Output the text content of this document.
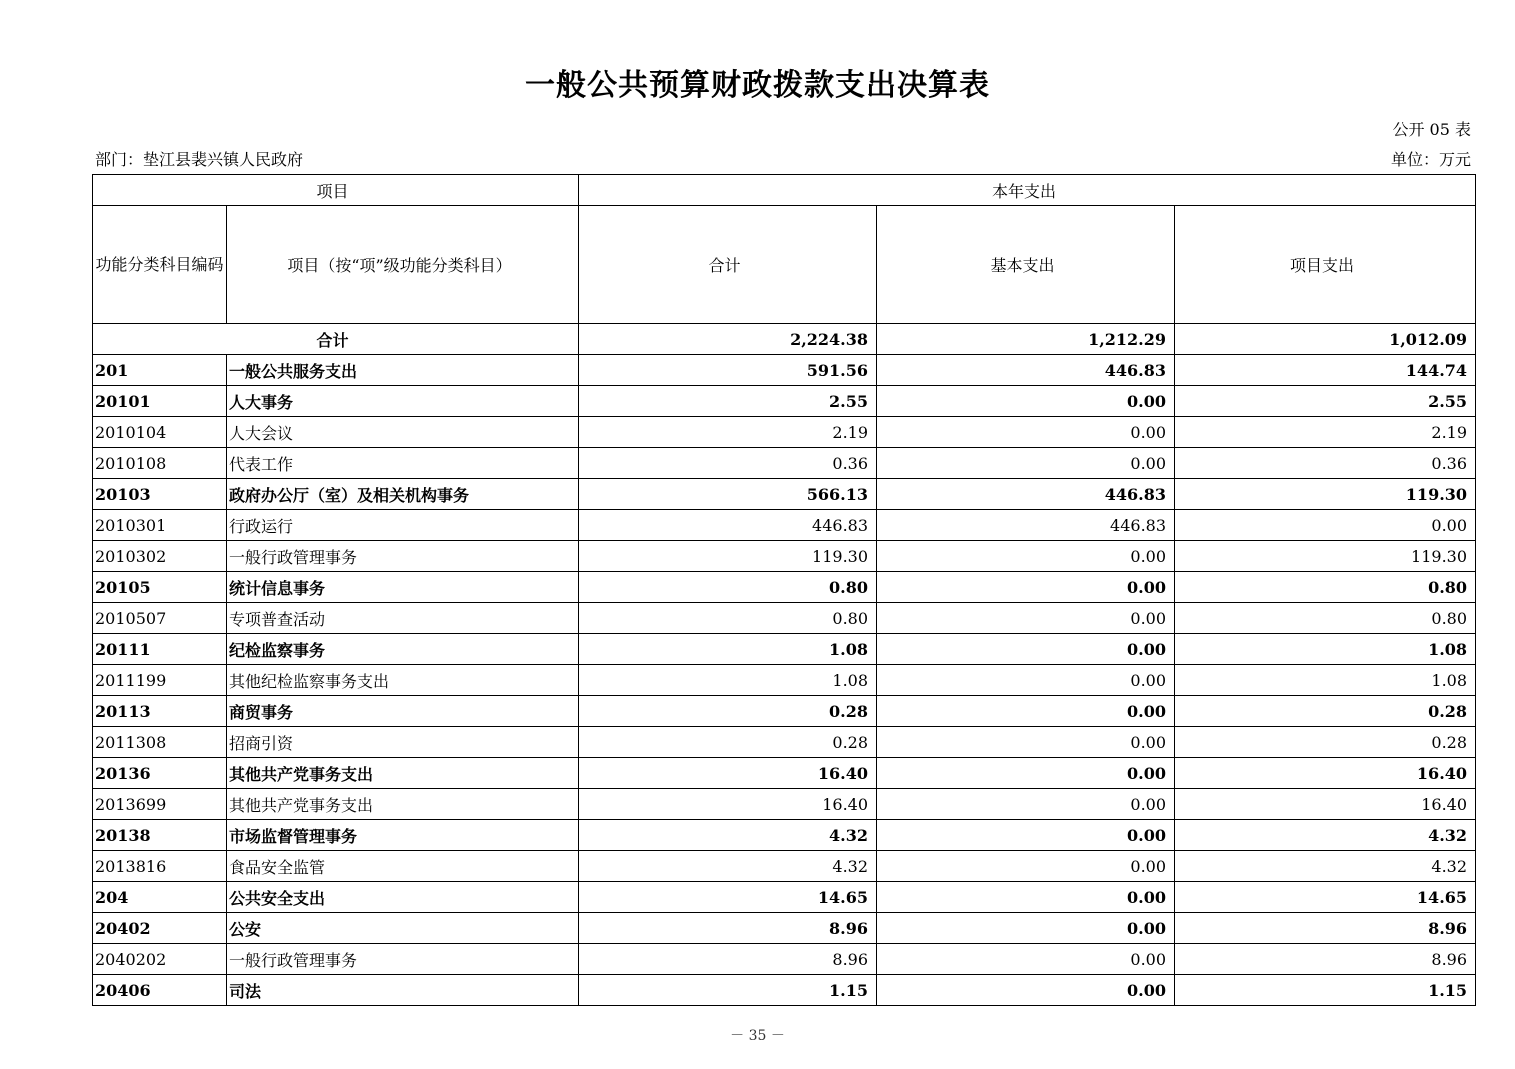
一般公共预算财政拨款支出决算表
公开 05 表
部门：垫江县裴兴镇人民政府	单位：万元
项目		本年支出		
功能分类科目编码	项目（按“项”级功能分类科目）	合计	基本支出	项目支出
合计		2,224.38	1,212.29	1,012.09
201	一般公共服务支出	591.56	446.83	144.74
20101	人大事务	2.55	0.00	2.55
2010104	人大会议	2.19	0.00	2.19
2010108	代表工作	0.36	0.00	0.36
20103	政府办公厅（室）及相关机构事务	566.13	446.83	119.30
2010301	行政运行	446.83	446.83	0.00
2010302	一般行政管理事务	119.30	0.00	119.30
20105	统计信息事务	0.80	0.00	0.80
2010507	专项普查活动	0.80	0.00	0.80
20111	纪检监察事务	1.08	0.00	1.08
2011199	其他纪检监察事务支出	1.08	0.00	1.08
20113	商贸事务	0.28	0.00	0.28
2011308	招商引资	0.28	0.00	0.28
20136	其他共产党事务支出	16.40	0.00	16.40
2013699	其他共产党事务支出	16.40	0.00	16.40
20138	市场监督管理事务	4.32	0.00	4.32
2013816	食品安全监管	4.32	0.00	4.32
204	公共安全支出	14.65	0.00	14.65
20402	公安	8.96	0.00	8.96
2040202	一般行政管理事务	8.96	0.00	8.96
20406	司法	1.15	0.00	1.15
－ 35 －
